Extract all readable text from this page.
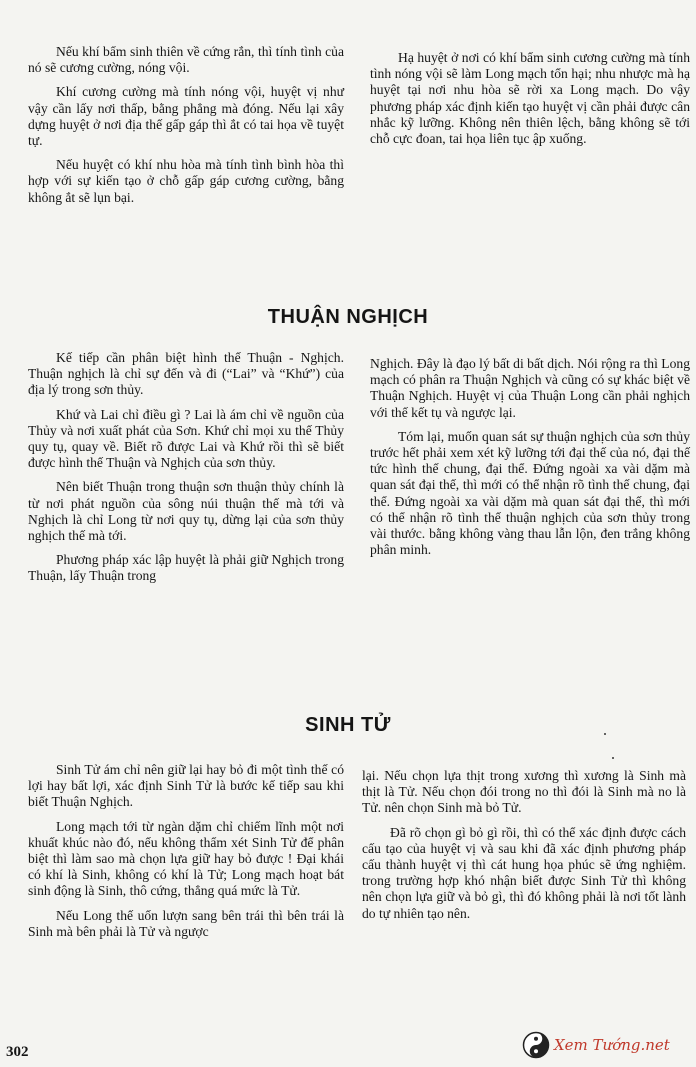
Nếu khí bẩm sinh thiên về cứng rắn, thì tính tình của nó sẽ cương cường, nóng vội.

Khí cương cường mà tính nóng vội, huyệt vị như vậy cần lấy nơi thấp, bằng phẳng mà đóng. Nếu lại xây dựng huyệt ở nơi địa thế gấp gáp thì ắt có tai họa về tuyệt tự.

Nếu huyệt có khí nhu hòa mà tính tình bình hòa thì hợp với sự kiến tạo ở chỗ gấp gáp cương cường, bằng không ắt sẽ lụn bại.

Hạ huyệt ở nơi có khí bẩm sinh cương cường mà tính tình nóng vội sẽ làm Long mạch tổn hại; nhu nhược mà hạ huyệt tại nơi nhu hòa sẽ rời xa Long mạch. Do vậy phương pháp xác định kiến tạo huyệt vị cần phải được cân nhắc kỹ lưỡng. Không nên thiên lệch, bằng không sẽ tới chỗ cực đoan, tai họa liên tục ập xuống.

THUẬN NGHỊCH

Kế tiếp cần phân biệt hình thế Thuận - Nghịch. Thuận nghịch là chỉ sự đến và đi (“Lai” và “Khứ”) của địa lý trong sơn thủy.

Khứ và Lai chỉ điều gì ? Lai là ám chỉ về nguồn của Thủy và nơi xuất phát của Sơn. Khứ chỉ mọi xu thế Thủy quy tụ, quay về. Biết rõ được Lai và Khứ rồi thì sẽ biết được hình thế Thuận và Nghịch của sơn thủy.

Nên biết Thuận trong thuận sơn thuận thủy chính là từ nơi phát nguồn của sông núi thuận thế mà tới và Nghịch là chỉ Long từ nơi quy tụ, dừng lại của sơn thủy nghịch thế mà tới.

Phương pháp xác lập huyệt là phải giữ Nghịch trong Thuận, lấy Thuận trong

Nghịch. Đây là đạo lý bất di bất dịch. Nói rộng ra thì Long mạch có phân ra Thuận Nghịch và cũng có sự khác biệt về Thuận Nghịch. Huyệt vị của Thuận Long cần phải nghịch với thế kết tụ và ngược lại.

Tóm lại, muốn quan sát sự thuận nghịch của sơn thủy trước hết phải xem xét kỹ lưỡng tới đại thế của nó, đại thế tức hình thế chung, đại thể. Đứng ngoài xa vài dặm mà quan sát đại thế, thì mới có thể nhận rõ tình thế chung, đại thể. Đứng ngoài xa vài dặm mà quan sát đại thế, thì mới có thể nhận rõ tình thế thuận nghịch của sơn thủy trong vài thước. bằng không vàng thau lẫn lộn, đen trắng không phân minh.

SINH TỬ

Sinh Tử ám chỉ nên giữ lại hay bỏ đi một tình thế có lợi hay bất lợi, xác định Sinh Tử là bước kế tiếp sau khi biết Thuận Nghịch.

Long mạch tới từ ngàn dặm chỉ chiếm lĩnh một nơi khuất khúc nào đó, nếu không thẩm xét Sinh Tử để phân biệt thì làm sao mà chọn lựa giữ hay bỏ được ! Đại khái có khí là Sinh, không có khí là Tử; Long mạch hoạt bát sinh động là Sinh, thô cứng, thẳng quá mức là Tử.

Nếu Long thế uốn lượn sang bên trái thì bên trái là Sinh mà bên phải là Tử và ngược

lại. Nếu chọn lựa thịt trong xương thì xương là Sinh mà thịt là Tử. Nếu chọn đói trong no thì đói là Sinh mà no là Tử. nên chọn Sinh mà bỏ Tử.

Đã rõ chọn gì bỏ gì rồi, thì có thể xác định được cách cấu tạo của huyệt vị và sau khi đã xác định phương pháp cấu thành huyệt vị thì cát hung họa phúc sẽ ứng nghiệm. trong trường hợp khó nhận biết được Sinh Tử thì không nên chọn lựa giữ và bỏ gì, thì đó không phải là nơi tốt lành do tự nhiên tạo nên.

302	Xem Tướng.net
